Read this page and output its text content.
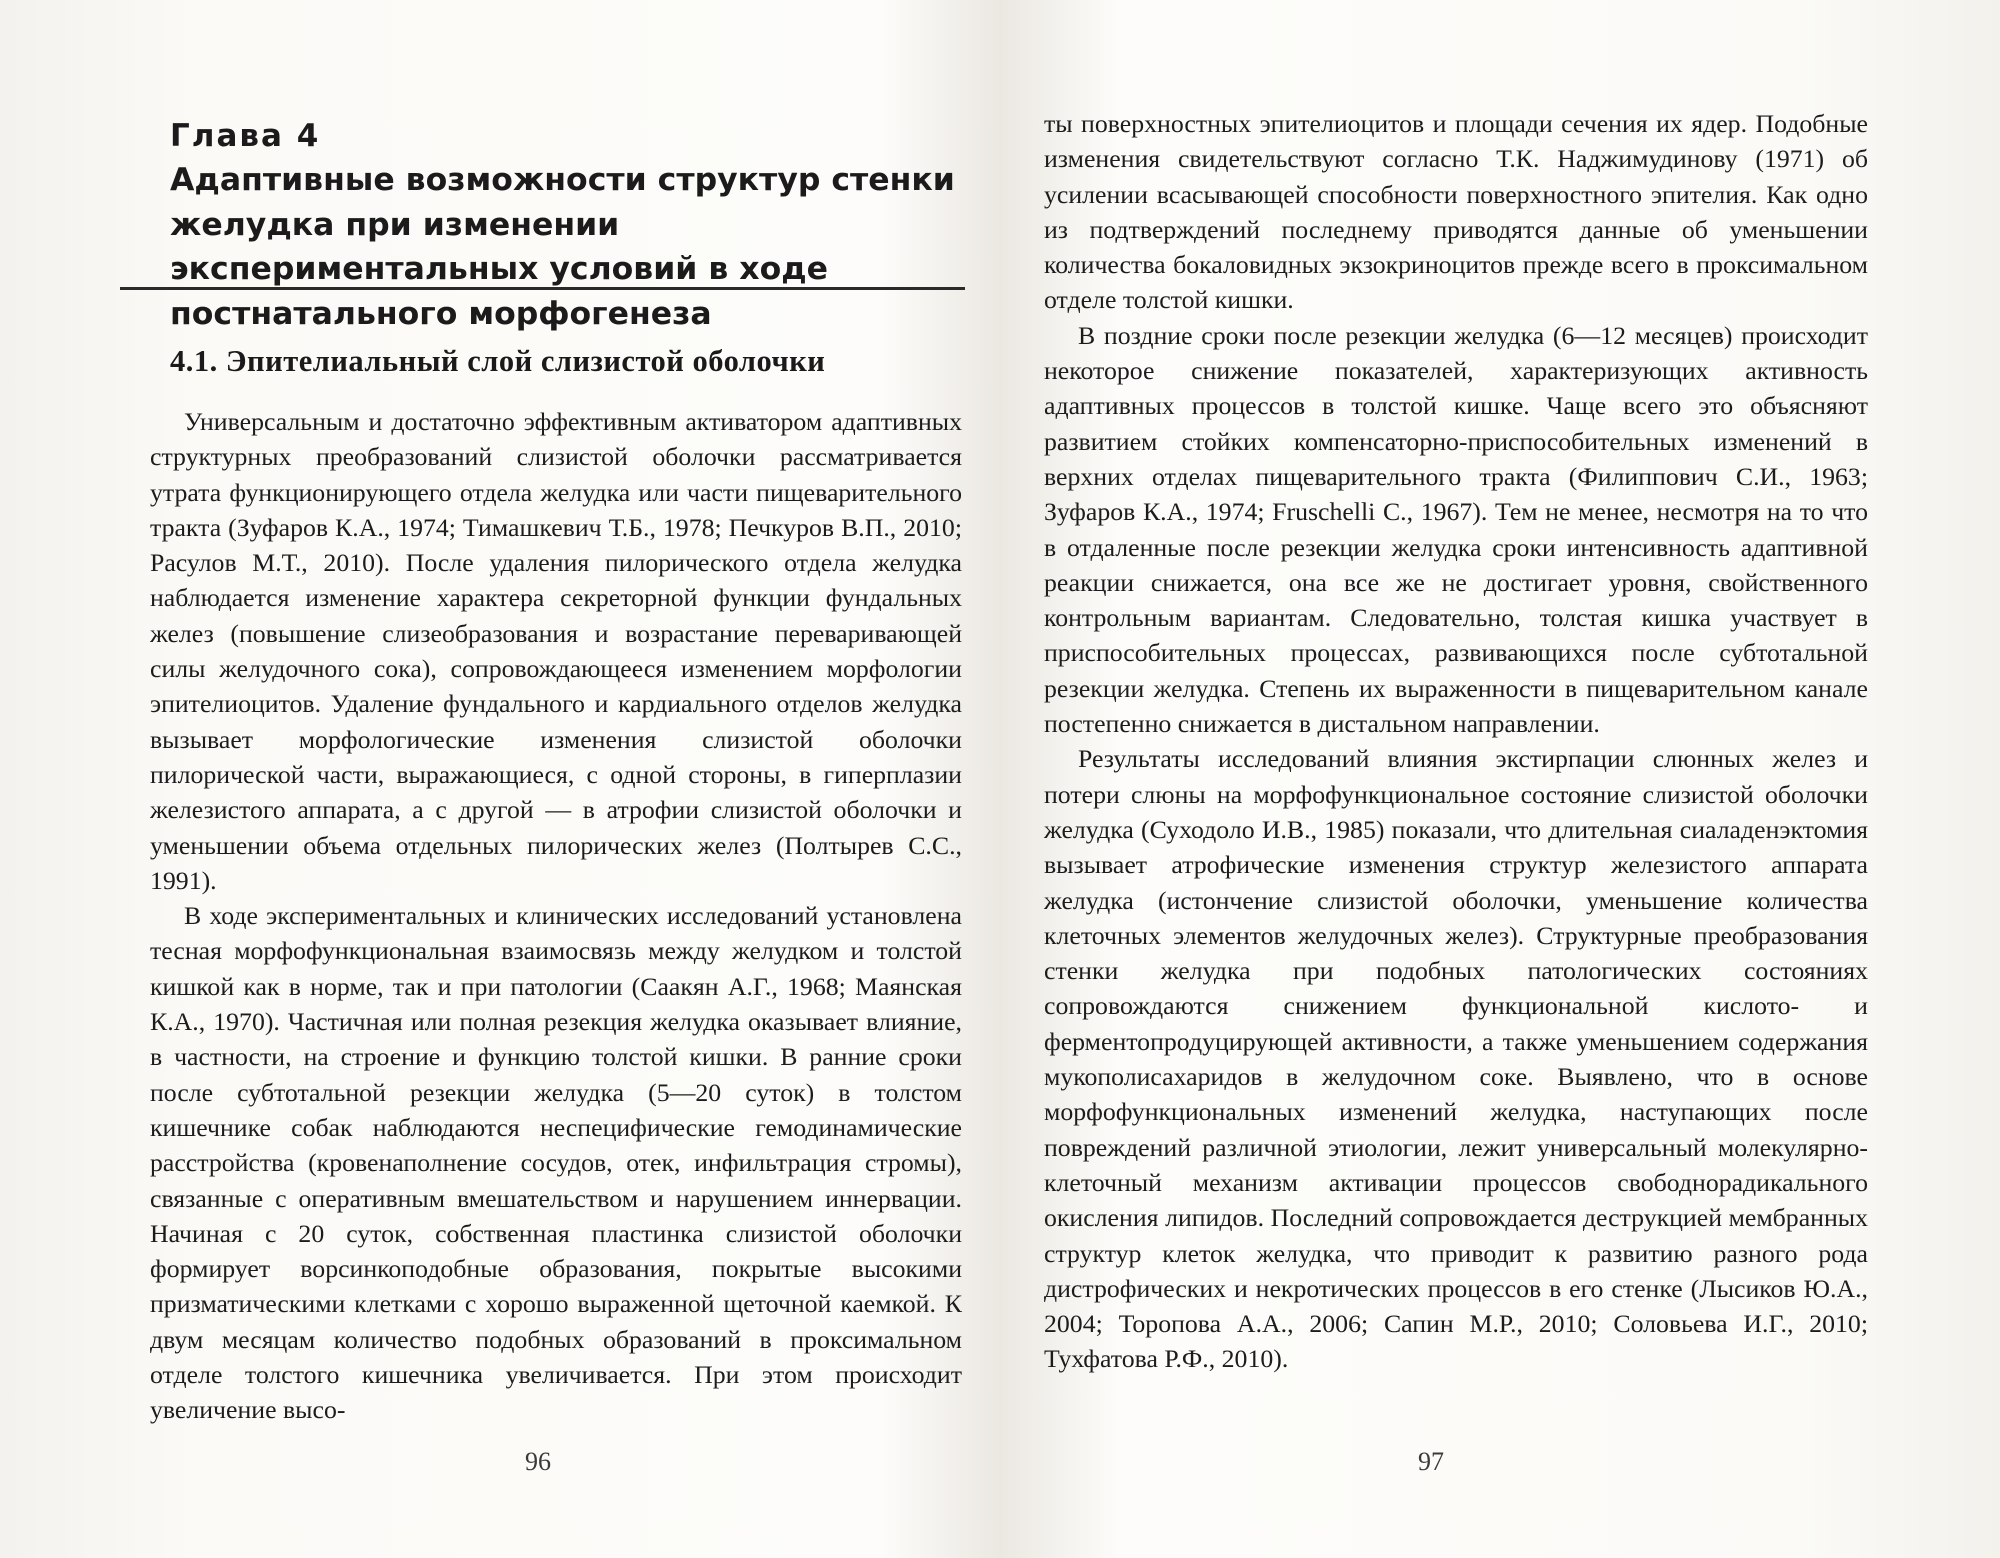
Глава 4
Адаптивные возможности структур стенки желудка при изменении экспериментальных условий в ходе постнатального морфогенеза
4.1. Эпителиальный слой слизистой оболочки

Универсальным и достаточно эффективным активатором адаптивных структурных преобразований слизистой оболочки рассматривается утрата функционирующего отдела желудка или части пищеварительного тракта (Зуфаров К.А., 1974; Тимашкевич Т.Б., 1978; Печкуров В.П., 2010; Расулов М.Т., 2010). После удаления пилорического отдела желудка наблюдается изменение характера секреторной функции фундальных желез (повышение слизеобразования и возрастание переваривающей силы желудочного сока), сопровождающееся изменением морфологии эпителиоцитов. Удаление фундального и кардиального отделов желудка вызывает морфологические изменения слизистой оболочки пилорической части, выражающиеся, с одной стороны, в гиперплазии железистого аппарата, а с другой — в атрофии слизистой оболочки и уменьшении объема отдельных пилорических желез (Полтырев С.С., 1991).

В ходе экспериментальных и клинических исследований установлена тесная морфофункциональная взаимосвязь между желудком и толстой кишкой как в норме, так и при патологии (Саакян А.Г., 1968; Маянская К.А., 1970). Частичная или полная резекция желудка оказывает влияние, в частности, на строение и функцию толстой кишки. В ранние сроки после субтотальной резекции желудка (5—20 суток) в толстом кишечнике собак наблюдаются неспецифические гемодинамические расстройства (кровенаполнение сосудов, отек, инфильтрация стромы), связанные с оперативным вмешательством и нарушением иннервации. Начиная с 20 суток, собственная пластинка слизистой оболочки формирует ворсинкоподобные образования, покрытые высокими призматическими клетками с хорошо выраженной щеточной каемкой. К двум месяцам количество подобных образований в проксимальном отделе толстого кишечника увеличивается. При этом происходит увеличение высо-

96

ты поверхностных эпителиоцитов и площади сечения их ядер. Подобные изменения свидетельствуют согласно Т.К. Наджимудинову (1971) об усилении всасывающей способности поверхностного эпителия. Как одно из подтверждений последнему приводятся данные об уменьшении количества бокаловидных экзокриноцитов прежде всего в проксимальном отделе толстой кишки.

В поздние сроки после резекции желудка (6—12 месяцев) происходит некоторое снижение показателей, характеризующих активность адаптивных процессов в толстой кишке. Чаще всего это объясняют развитием стойких компенсаторно-приспособительных изменений в верхних отделах пищеварительного тракта (Филиппович С.И., 1963; Зуфаров К.А., 1974; Fruschelli C., 1967). Тем не менее, несмотря на то что в отдаленные после резекции желудка сроки интенсивность адаптивной реакции снижается, она все же не достигает уровня, свойственного контрольным вариантам. Следовательно, толстая кишка участвует в приспособительных процессах, развивающихся после субтотальной резекции желудка. Степень их выраженности в пищеварительном канале постепенно снижается в дистальном направлении.

Результаты исследований влияния экстирпации слюнных желез и потери слюны на морфофункциональное состояние слизистой оболочки желудка (Суходоло И.В., 1985) показали, что длительная сиаладенэктомия вызывает атрофические изменения структур железистого аппарата желудка (истончение слизистой оболочки, уменьшение количества клеточных элементов желудочных желез). Структурные преобразования стенки желудка при подобных патологических состояниях сопровождаются снижением функциональной кислото- и ферментопродуцирующей активности, а также уменьшением содержания мукополисахаридов в желудочном соке. Выявлено, что в основе морфофункциональных изменений желудка, наступающих после повреждений различной этиологии, лежит универсальный молекулярно-клеточный механизм активации процессов свободнорадикального окисления липидов. Последний сопровождается деструкцией мембранных структур клеток желудка, что приводит к развитию разного рода дистрофических и некротических процессов в его стенке (Лысиков Ю.А., 2004; Торопова А.А., 2006; Сапин М.Р., 2010; Соловьева И.Г., 2010; Тухфатова Р.Ф., 2010).

97
